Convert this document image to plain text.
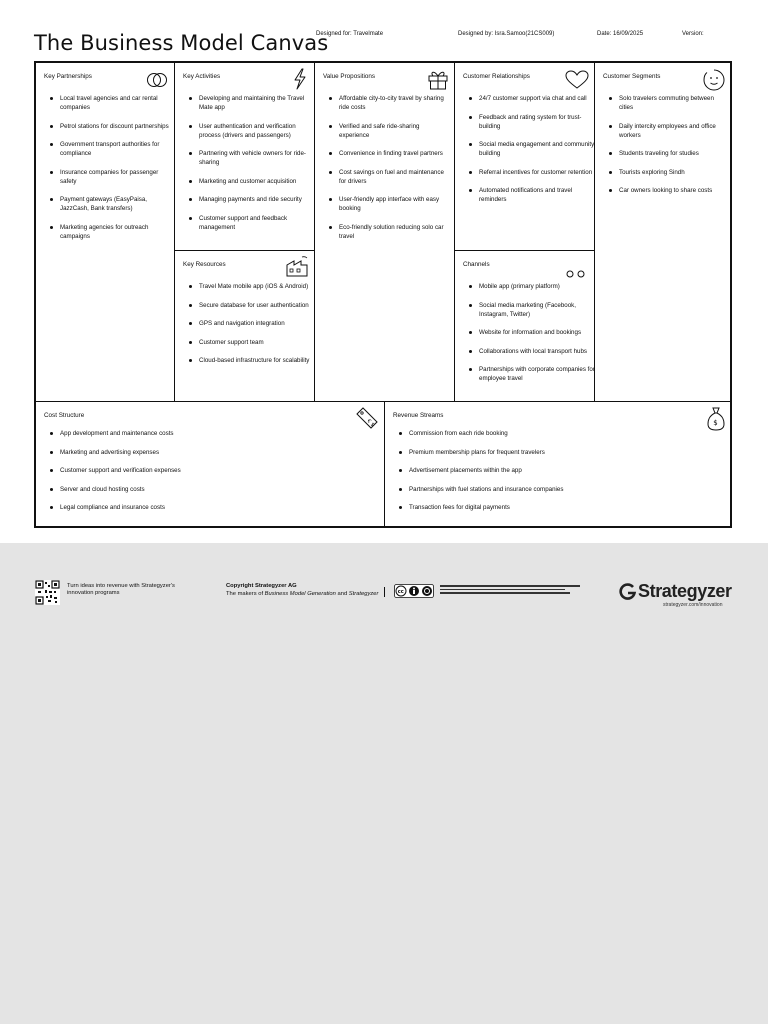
The Business Model Canvas
Designed for: Travelmate	Designed by: Isra.Samoo(21CS009)	Date: 16/09/2025	Version:
Key Partnerships
Local travel agencies and car rental companies
Petrol stations for discount partnerships
Government transport authorities for compliance
Insurance companies for passenger safety
Payment gateways (EasyPaisa, JazzCash, Bank transfers)
Marketing agencies for outreach campaigns
Key Activities
Developing and maintaining the Travel Mate app
User authentication and verification process (drivers and passengers)
Partnering with vehicle owners for ride-sharing
Marketing and customer acquisition
Managing payments and ride security
Customer support and feedback management
Key Resources
Travel Mate mobile app (iOS & Android)
Secure database for user authentication
GPS and navigation integration
Customer support team
Cloud-based infrastructure for scalability
Value Propositions
Affordable city-to-city travel by sharing ride costs
Verified and safe ride-sharing experience
Convenience in finding travel partners
Cost savings on fuel and maintenance for drivers
User-friendly app interface with easy booking
Eco-friendly solution reducing solo car travel
Customer Relationships
24/7 customer support via chat and call
Feedback and rating system for trust-building
Social media engagement and community building
Referral incentives for customer retention
Automated notifications and travel reminders
Channels
Mobile app (primary platform)
Social media marketing (Facebook, Instagram, Twitter)
Website for information and bookings
Collaborations with local transport hubs
Partnerships with corporate companies for employee travel
Customer Segments
Solo travelers commuting between cities
Daily intercity employees and office workers
Students traveling for studies
Tourists exploring Sindh
Car owners looking to share costs
Cost Structure
€ $
App development and maintenance costs
Marketing and advertising expenses
Customer support and verification expenses
Server and cloud hosting costs
Legal compliance and insurance costs
Revenue Streams
$
Commission from each ride booking
Premium membership plans for frequent travelers
Advertisement placements within the app
Partnerships with fuel stations and insurance companies
Transaction fees for digital payments
Turn ideas into revenue with Strategyzer's
innovation programs
Copyright Strategyzer AG
The makers of Business Model Generation and Strategyzer	cc	Strategyzer
strategyzer.com/innovation
